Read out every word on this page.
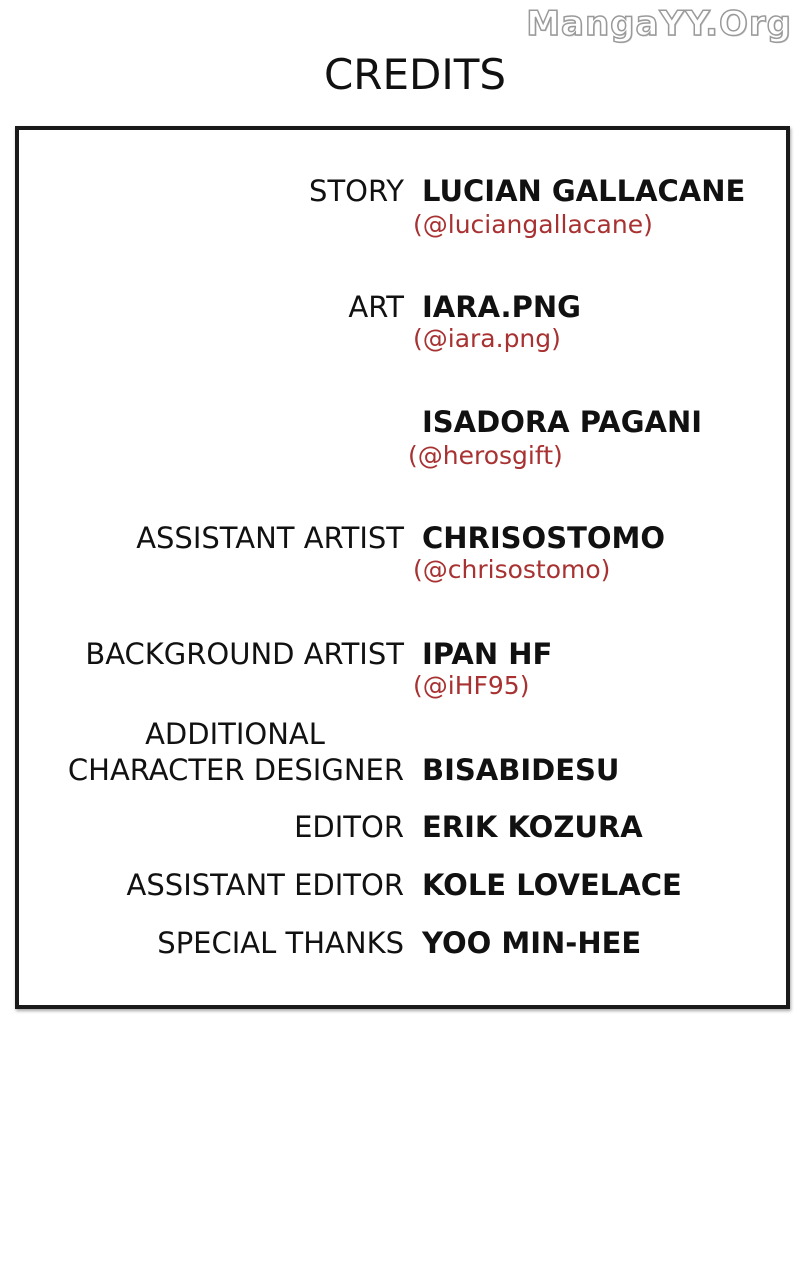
MangaYY.Org
CREDITS
STORY LUCIAN GALLACANE
(@luciangallacane)
ART IARA.PNG
(@iara.png)
ISADORA PAGANI
(@herosgift)
ASSISTANT ARTIST CHRISOSTOMO
(@chrisostomo)
BACKGROUND ARTIST IPAN HF
(@iHF95)
ADDITIONAL
CHARACTER DESIGNER BISABIDESU
EDITOR ERIK KOZURA
ASSISTANT EDITOR KOLE LOVELACE
SPECIAL THANKS YOO MIN-HEE
